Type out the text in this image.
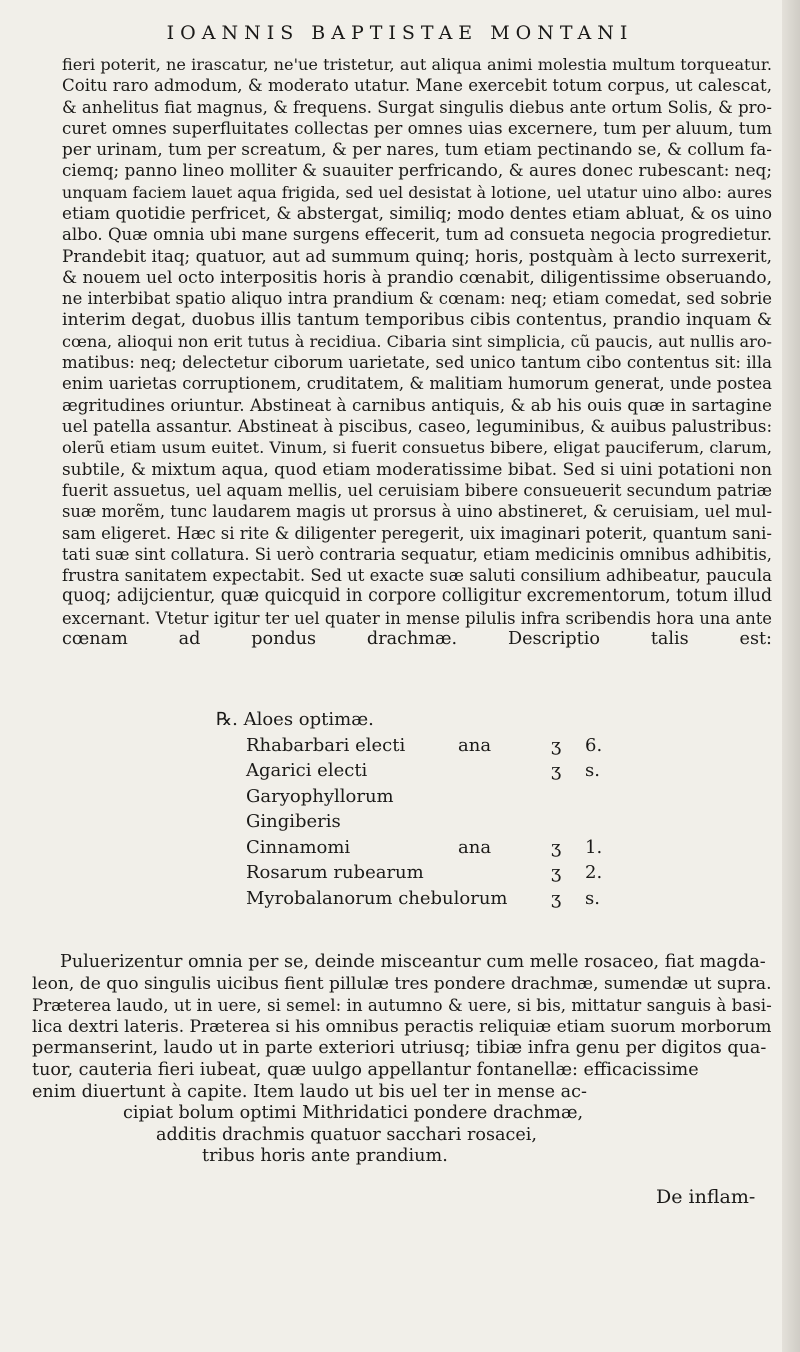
IOANNIS BAPTISTAE MONTANI
fieri poterit, ne irascatur, ne'ue tristetur, aut aliqua animi molestia multum torqueatur.
Coitu raro admodum, & moderato utatur. Mane exercebit totum corpus, ut calescat,
& anhelitus fiat magnus, & frequens. Surgat singulis diebus ante ortum Solis, & pro-
curet omnes superfluitates collectas per omnes uias excernere, tum per aluum, tum
per urinam, tum per screatum, & per nares, tum etiam pectinando se, & collum fa-
ciemq; panno lineo molliter & suauiter perfricando, & aures donec rubescant: neq;
unquam faciem lauet aqua frigida, sed uel desistat à lotione, uel utatur uino albo: aures
etiam quotidie perfricet, & abstergat, similiq; modo dentes etiam abluat, & os uino
albo. Quæ omnia ubi mane surgens effecerit, tum ad consueta negocia progredietur.
Prandebit itaq; quatuor, aut ad summum quinq; horis, postquàm à lecto surrexerit,
& nouem uel octo interpositis horis à prandio cœnabit, diligentissime obseruando,
ne interbibat spatio aliquo intra prandium & cœnam: neq; etiam comedat, sed sobrie
interim degat, duobus illis tantum temporibus cibis contentus, prandio inquam &
cœna, alioqui non erit tutus à recidiua. Cibaria sint simplicia, cũ paucis, aut nullis aro-
matibus: neq; delectetur ciborum uarietate, sed unico tantum cibo contentus sit: illa
enim uarietas corruptionem, cruditatem, & malitiam humorum generat, unde postea
ægritudines oriuntur. Abstineat à carnibus antiquis, & ab his ouis quæ in sartagine
uel patella assantur. Abstineat à piscibus, caseo, leguminibus, & auibus palustribus:
olerũ etiam usum euitet. Vinum, si fuerit consuetus bibere, eligat pauciferum, clarum,
subtile, & mixtum aqua, quod etiam moderatissime bibat. Sed si uini potationi non
fuerit assuetus, uel aquam mellis, uel ceruisiam bibere consueuerit secundum patriæ
suæ morẽm, tunc laudarem magis ut prorsus à uino abstineret, & ceruisiam, uel mul-
sam eligeret. Hæc si rite & diligenter peregerit, uix imaginari poterit, quantum sani-
tati suæ sint collatura. Si uerò contraria sequatur, etiam medicinis omnibus adhibitis,
frustra sanitatem expectabit. Sed ut exacte suæ saluti consilium adhibeatur, paucula
quoq; adijcientur, quæ quicquid in corpore colligitur excrementorum, totum illud
excernant. Vtetur igitur ter uel quater in mense pilulis infra scribendis hora una ante
cœnam ad pondus drachmæ. Descriptio talis est:
℞. Aloes optimæ.
Rhabarbari electi	ana	ʒ 6.
Agarici electi	ʒ s.
Garyophyllorum
Gingiberis
Cinnamomi	ana	ʒ 1.
Rosarum rubearum	ʒ 2.
Myrobalanorum chebulorum ʒ s.
Puluerizentur omnia per se, deinde misceantur cum melle rosaceo, fiat magda-
leon, de quo singulis uicibus fient pillulæ tres pondere drachmæ, sumendæ ut supra.
Præterea laudo, ut in uere, si semel: in autumno & uere, si bis, mittatur sanguis à basi-
lica dextri lateris. Præterea si his omnibus peractis reliquiæ etiam suorum morborum
permanserint, laudo ut in parte exteriori utriusq; tibiæ infra genu per digitos qua-
tuor, cauteria fieri iubeat, quæ uulgo appellantur fontanellæ: efficacissime
enim diuertunt à capite. Item laudo ut bis uel ter in mense ac-
cipiat bolum optimi Mithridatici pondere drachmæ,
additis drachmis quatuor sacchari rosacei,
tribus horis ante prandium.
De inflam-
